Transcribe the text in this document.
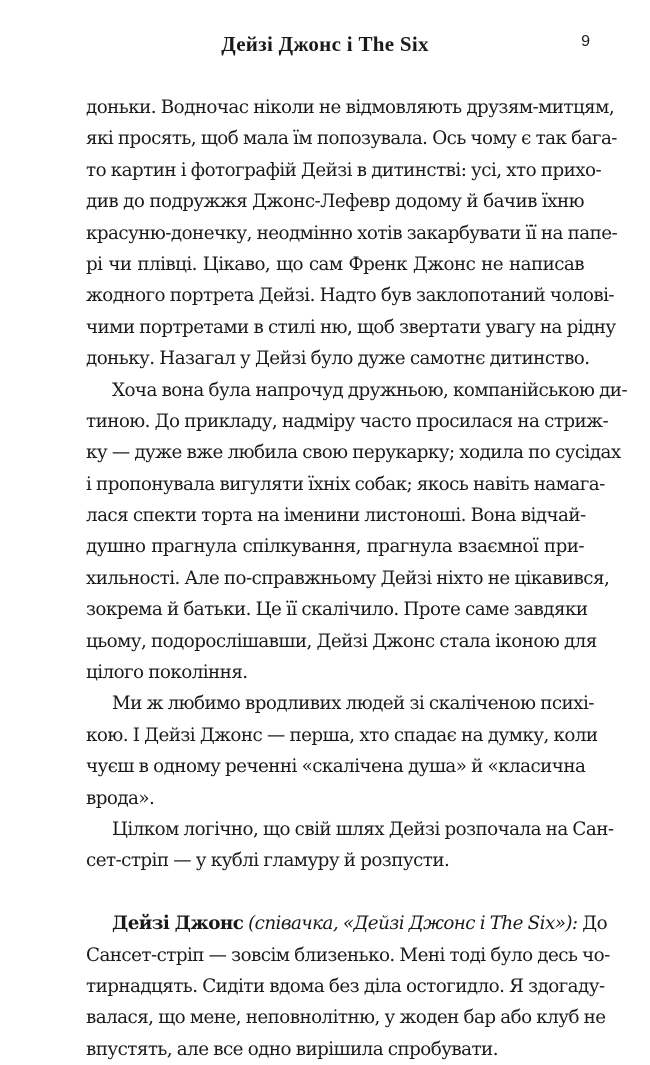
Дейзі Джонс і The Six	9
доньки. Водночас ніколи не відмовляють друзям-митцям,
які просять, щоб мала їм попозувала. Ось чому є так бага-
то картин і фотографій Дейзі в дитинстві: усі, хто прихо-
див до подружжя Джонс-Лефевр додому й бачив їхню
красуню-донечку, неодмінно хотів закарбувати її на папе-
рі чи плівці. Цікаво, що сам Френк Джонс не написав
жодного портрета Дейзі. Надто був заклопотаний чолові-
чими портретами в стилі ню, щоб звертати увагу на рідну
доньку. Назагал у Дейзі було дуже самотнє дитинство.
Хоча вона була напрочуд дружньою, компанійською ди-
тиною. До прикладу, надміру часто просилася на стриж-
ку — дуже вже любила свою перукарку; ходила по сусідах
і пропонувала вигуляти їхніх собак; якось навіть намага-
лася спекти торта на іменини листоноші. Вона відчай-
душно прагнула спілкування, прагнула взаємної при-
хильності. Але по-справжньому Дейзі ніхто не цікавився,
зокрема й батьки. Це її скалічило. Проте саме завдяки
цьому, подорослішавши, Дейзі Джонс стала іконою для
цілого покоління.
Ми ж любимо вродливих людей зі скаліченою психі-
кою. І Дейзі Джонс — перша, хто спадає на думку, коли
чуєш в одному реченні «скалічена душа» й «класична
врода».
Цілком логічно, що свій шлях Дейзі розпочала на Сан-
сет-стріп — у кублі гламуру й розпусти.
Дейзі Джонс (співачка, «Дейзі Джонс і The Six»): До
Сансет-стріп — зовсім близенько. Мені тоді було десь чо-
тирнадцять. Сидіти вдома без діла остогидло. Я здогаду-
валася, що мене, неповнолітню, у жоден бар або клуб не
впустять, але все одно вирішила спробувати.
